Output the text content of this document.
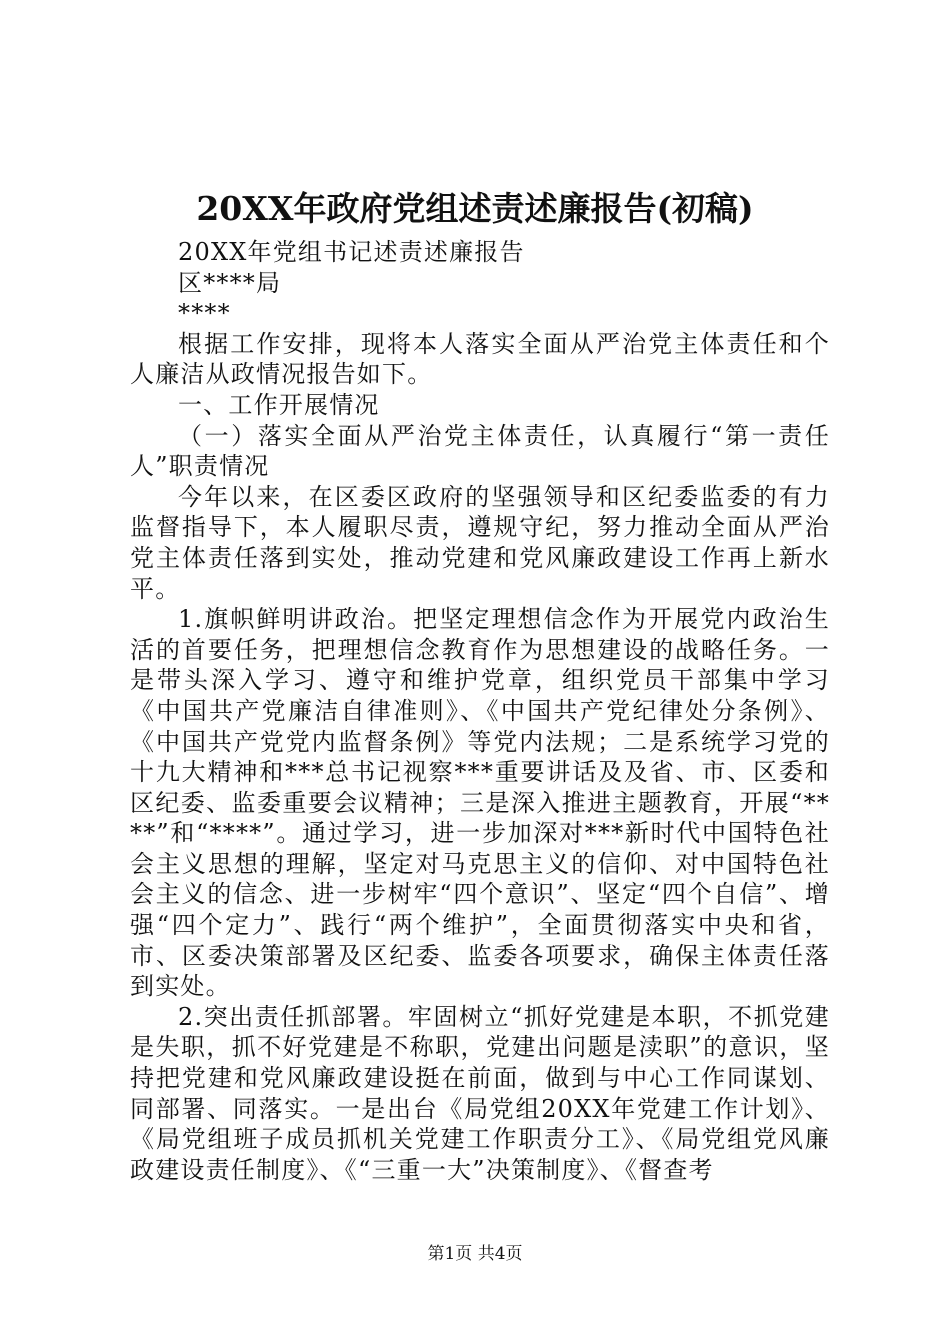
20XX年政府党组述责述廉报告(初稿)

20XX年党组书记述责述廉报告

区****局

****

根据工作安排，现将本人落实全面从严治党主体责任和个人廉洁从政情况报告如下。

一、工作开展情况

（一）落实全面从严治党主体责任，认真履行“第一责任人”职责情况

今年以来，在区委区政府的坚强领导和区纪委监委的有力监督指导下，本人履职尽责，遵规守纪，努力推动全面从严治党主体责任落到实处，推动党建和党风廉政建设工作再上新水平。

1.旗帜鲜明讲政治。把坚定理想信念作为开展党内政治生活的首要任务，把理想信念教育作为思想建设的战略任务。一是带头深入学习、遵守和维护党章，组织党员干部集中学习《中国共产党廉洁自律准则》、《中国共产党纪律处分条例》、《中国共产党党内监督条例》等党内法规；二是系统学习党的十九大精神和***总书记视察***重要讲话及及省、市、区委和区纪委、监委重要会议精神；三是深入推进主题教育，开展“****”和“****”。通过学习，进一步加深对***新时代中国特色社会主义思想的理解，坚定对马克思主义的信仰、对中国特色社会主义的信念、进一步树牢“四个意识”、坚定“四个自信”、增强“四个定力”、践行“两个维护”，全面贯彻落实中央和省，市、区委决策部署及区纪委、监委各项要求，确保主体责任落到实处。

2.突出责任抓部署。牢固树立“抓好党建是本职，不抓党建是失职，抓不好党建是不称职，党建出问题是渎职”的意识，坚持把党建和党风廉政建设挺在前面，做到与中心工作同谋划、同部署、同落实。一是出台《局党组20XX年党建工作计划》、《局党组班子成员抓机关党建工作职责分工》、《局党组党风廉政建设责任制度》、《“三重一大”决策制度》、《督查考

第1页 共4页
